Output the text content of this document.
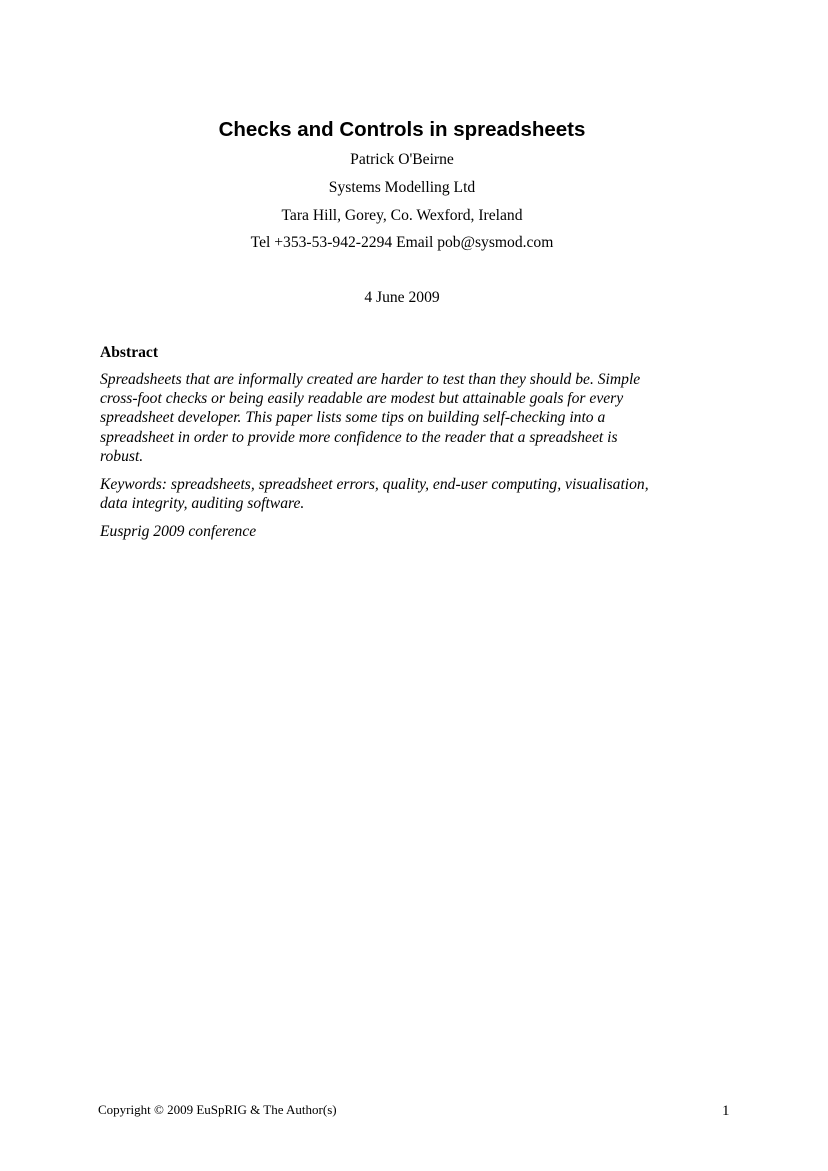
Checks and Controls in spreadsheets
Patrick O'Beirne
Systems Modelling Ltd
Tara Hill, Gorey, Co. Wexford, Ireland
Tel +353-53-942-2294 Email pob@sysmod.com
4 June 2009
Abstract
Spreadsheets that are informally created are harder to test than they should be. Simple
cross-foot checks or being easily readable are modest but attainable goals for every
spreadsheet developer. This paper lists some tips on building self-checking into a
spreadsheet in order to provide more confidence to the reader that a spreadsheet is
robust.
Keywords: spreadsheets, spreadsheet errors, quality, end-user computing, visualisation,
data integrity, auditing software.
Eusprig 2009 conference
Copyright © 2009 EuSpRIG & The Author(s)	1
